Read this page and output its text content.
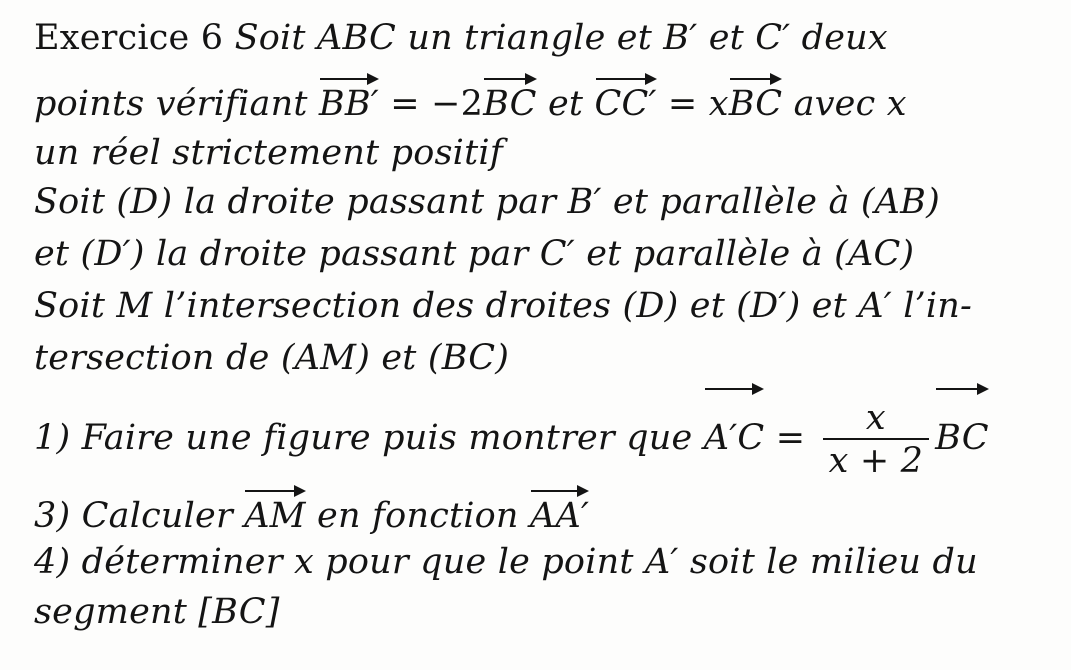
Exercice 6 Soit ABC un triangle et B′ et C′ deux
points vérifiant BB′ = −2BC et CC′ = xBC avec x
un réel strictement positif
Soit (D) la droite passant par B′ et parallèle à (AB)
et (D′) la droite passant par C′ et parallèle à (AC)
Soit M l’intersection des droites (D) et (D′) et A′ l’in-
tersection de (AM) et (BC)
1) Faire une figure puis montrer que $A'C = \frac{x}{x + 2}$ BC
3) Calculer AM en fonction AA′
4) déterminer x pour que le point A′ soit le milieu du
segment [BC]
